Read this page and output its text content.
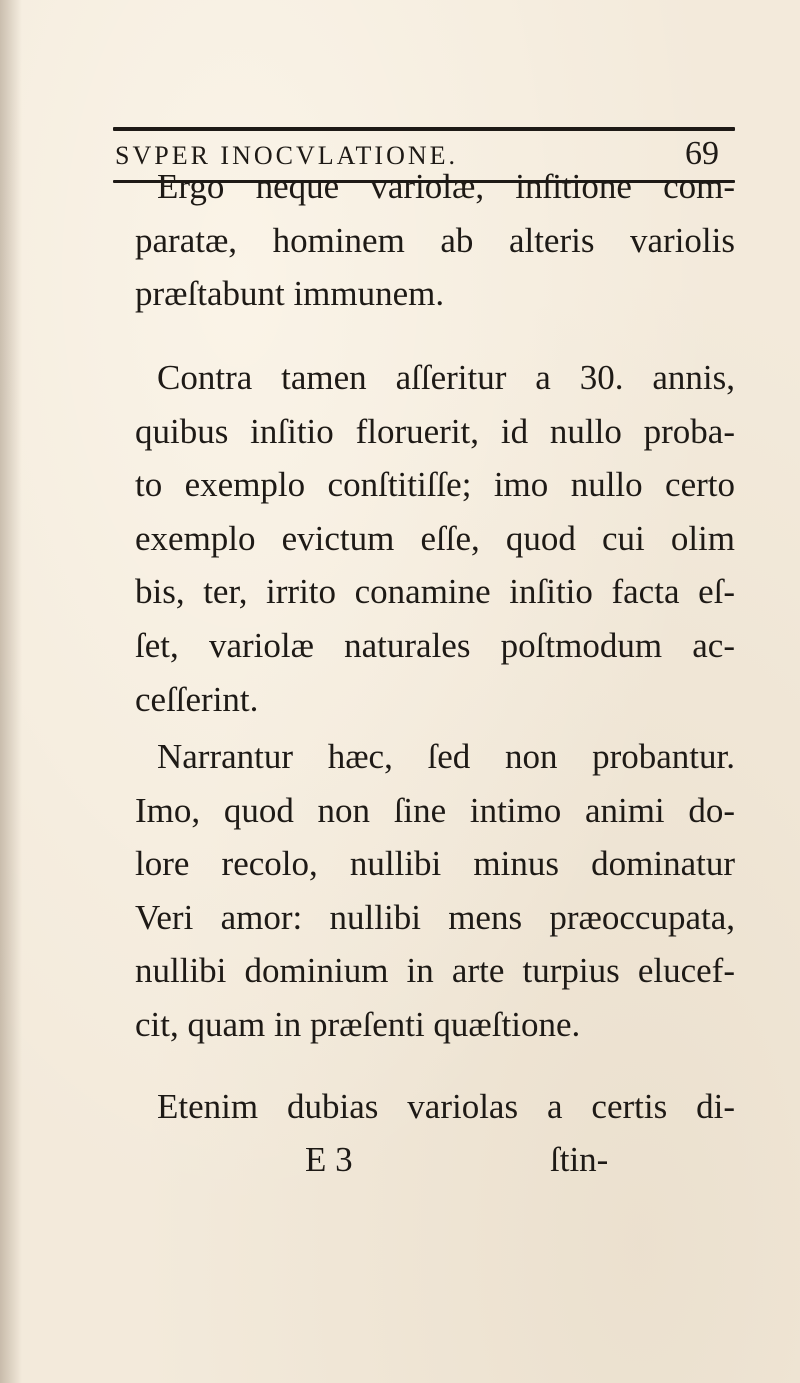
SVPER INOCVLATIONE.	69
Ergo neque variolæ, inſitione com-
paratæ, hominem ab alteris variolis
præſtabunt immunem.
Contra tamen aſſeritur a 30. annis,
quibus inſitio floruerit, id nullo proba-
to exemplo conſtitiſſe; imo nullo certo
exemplo evictum eſſe, quod cui olim
bis, ter, irrito conamine inſitio facta eſ-
ſet, variolæ naturales poſtmodum ac-
ceſſerint.
Narrantur hæc, ſed non probantur.
Imo, quod non ſine intimo animi do-
lore recolo, nullibi minus dominatur
Veri amor: nullibi mens præoccupata,
nullibi dominium in arte turpius elucef-
cit, quam in præſenti quæſtione.
Etenim dubias variolas a certis di-
E 3	ſtin-
